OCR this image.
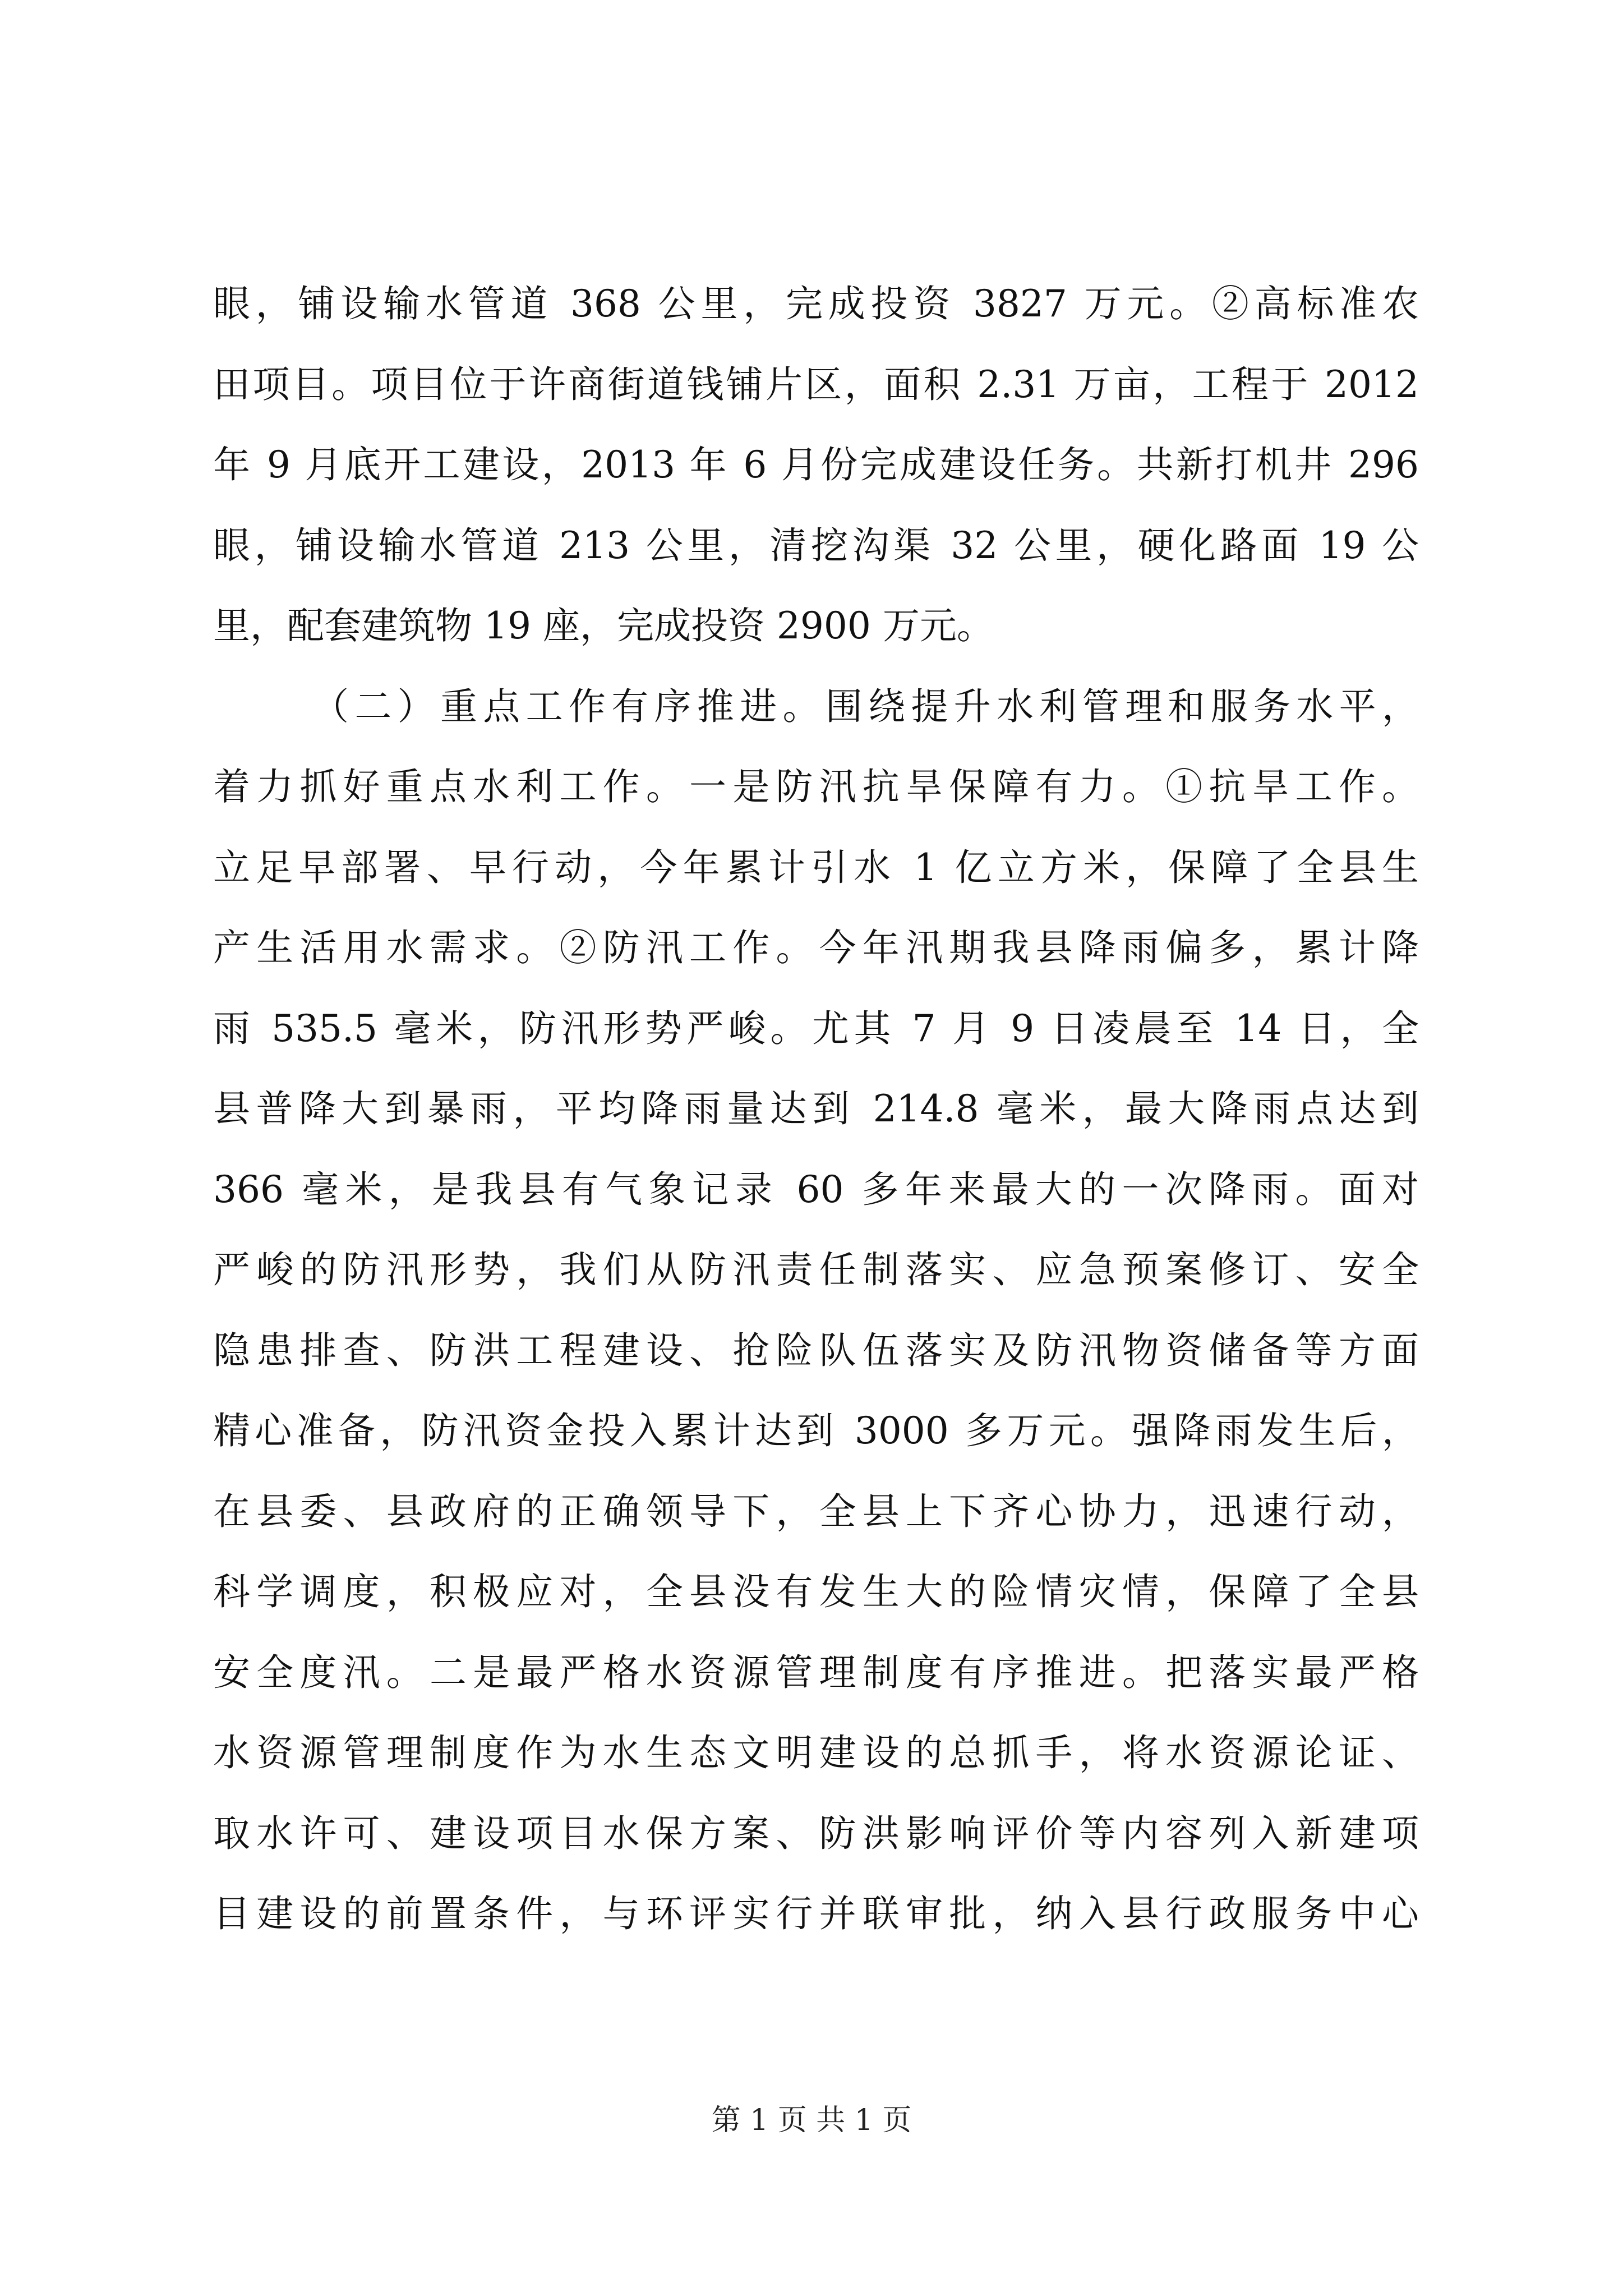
眼，铺设输水管道 368 公里，完成投资 3827 万元。②高标准农
田项目。项目位于许商街道钱铺片区，面积 2.31 万亩，工程于 2012
年 9 月底开工建设，2013 年 6 月份完成建设任务。共新打机井 296
眼，铺设输水管道 213 公里，清挖沟渠 32 公里，硬化路面 19 公
里，配套建筑物 19 座，完成投资 2900 万元。
（二）重点工作有序推进。围绕提升水利管理和服务水平，
着力抓好重点水利工作。一是防汛抗旱保障有力。①抗旱工作。
立足早部署、早行动，今年累计引水 1 亿立方米，保障了全县生
产生活用水需求。②防汛工作。今年汛期我县降雨偏多，累计降
雨 535.5 毫米，防汛形势严峻。尤其 7 月 9 日凌晨至 14 日，全
县普降大到暴雨，平均降雨量达到 214.8 毫米，最大降雨点达到
366 毫米，是我县有气象记录 60 多年来最大的一次降雨。面对
严峻的防汛形势，我们从防汛责任制落实、应急预案修订、安全
隐患排查、防洪工程建设、抢险队伍落实及防汛物资储备等方面
精心准备，防汛资金投入累计达到 3000 多万元。强降雨发生后，
在县委、县政府的正确领导下，全县上下齐心协力，迅速行动，
科学调度，积极应对，全县没有发生大的险情灾情，保障了全县
安全度汛。二是最严格水资源管理制度有序推进。把落实最严格
水资源管理制度作为水生态文明建设的总抓手，将水资源论证、
取水许可、建设项目水保方案、防洪影响评价等内容列入新建项
目建设的前置条件，与环评实行并联审批，纳入县行政服务中心
第 1 页 共 1 页
